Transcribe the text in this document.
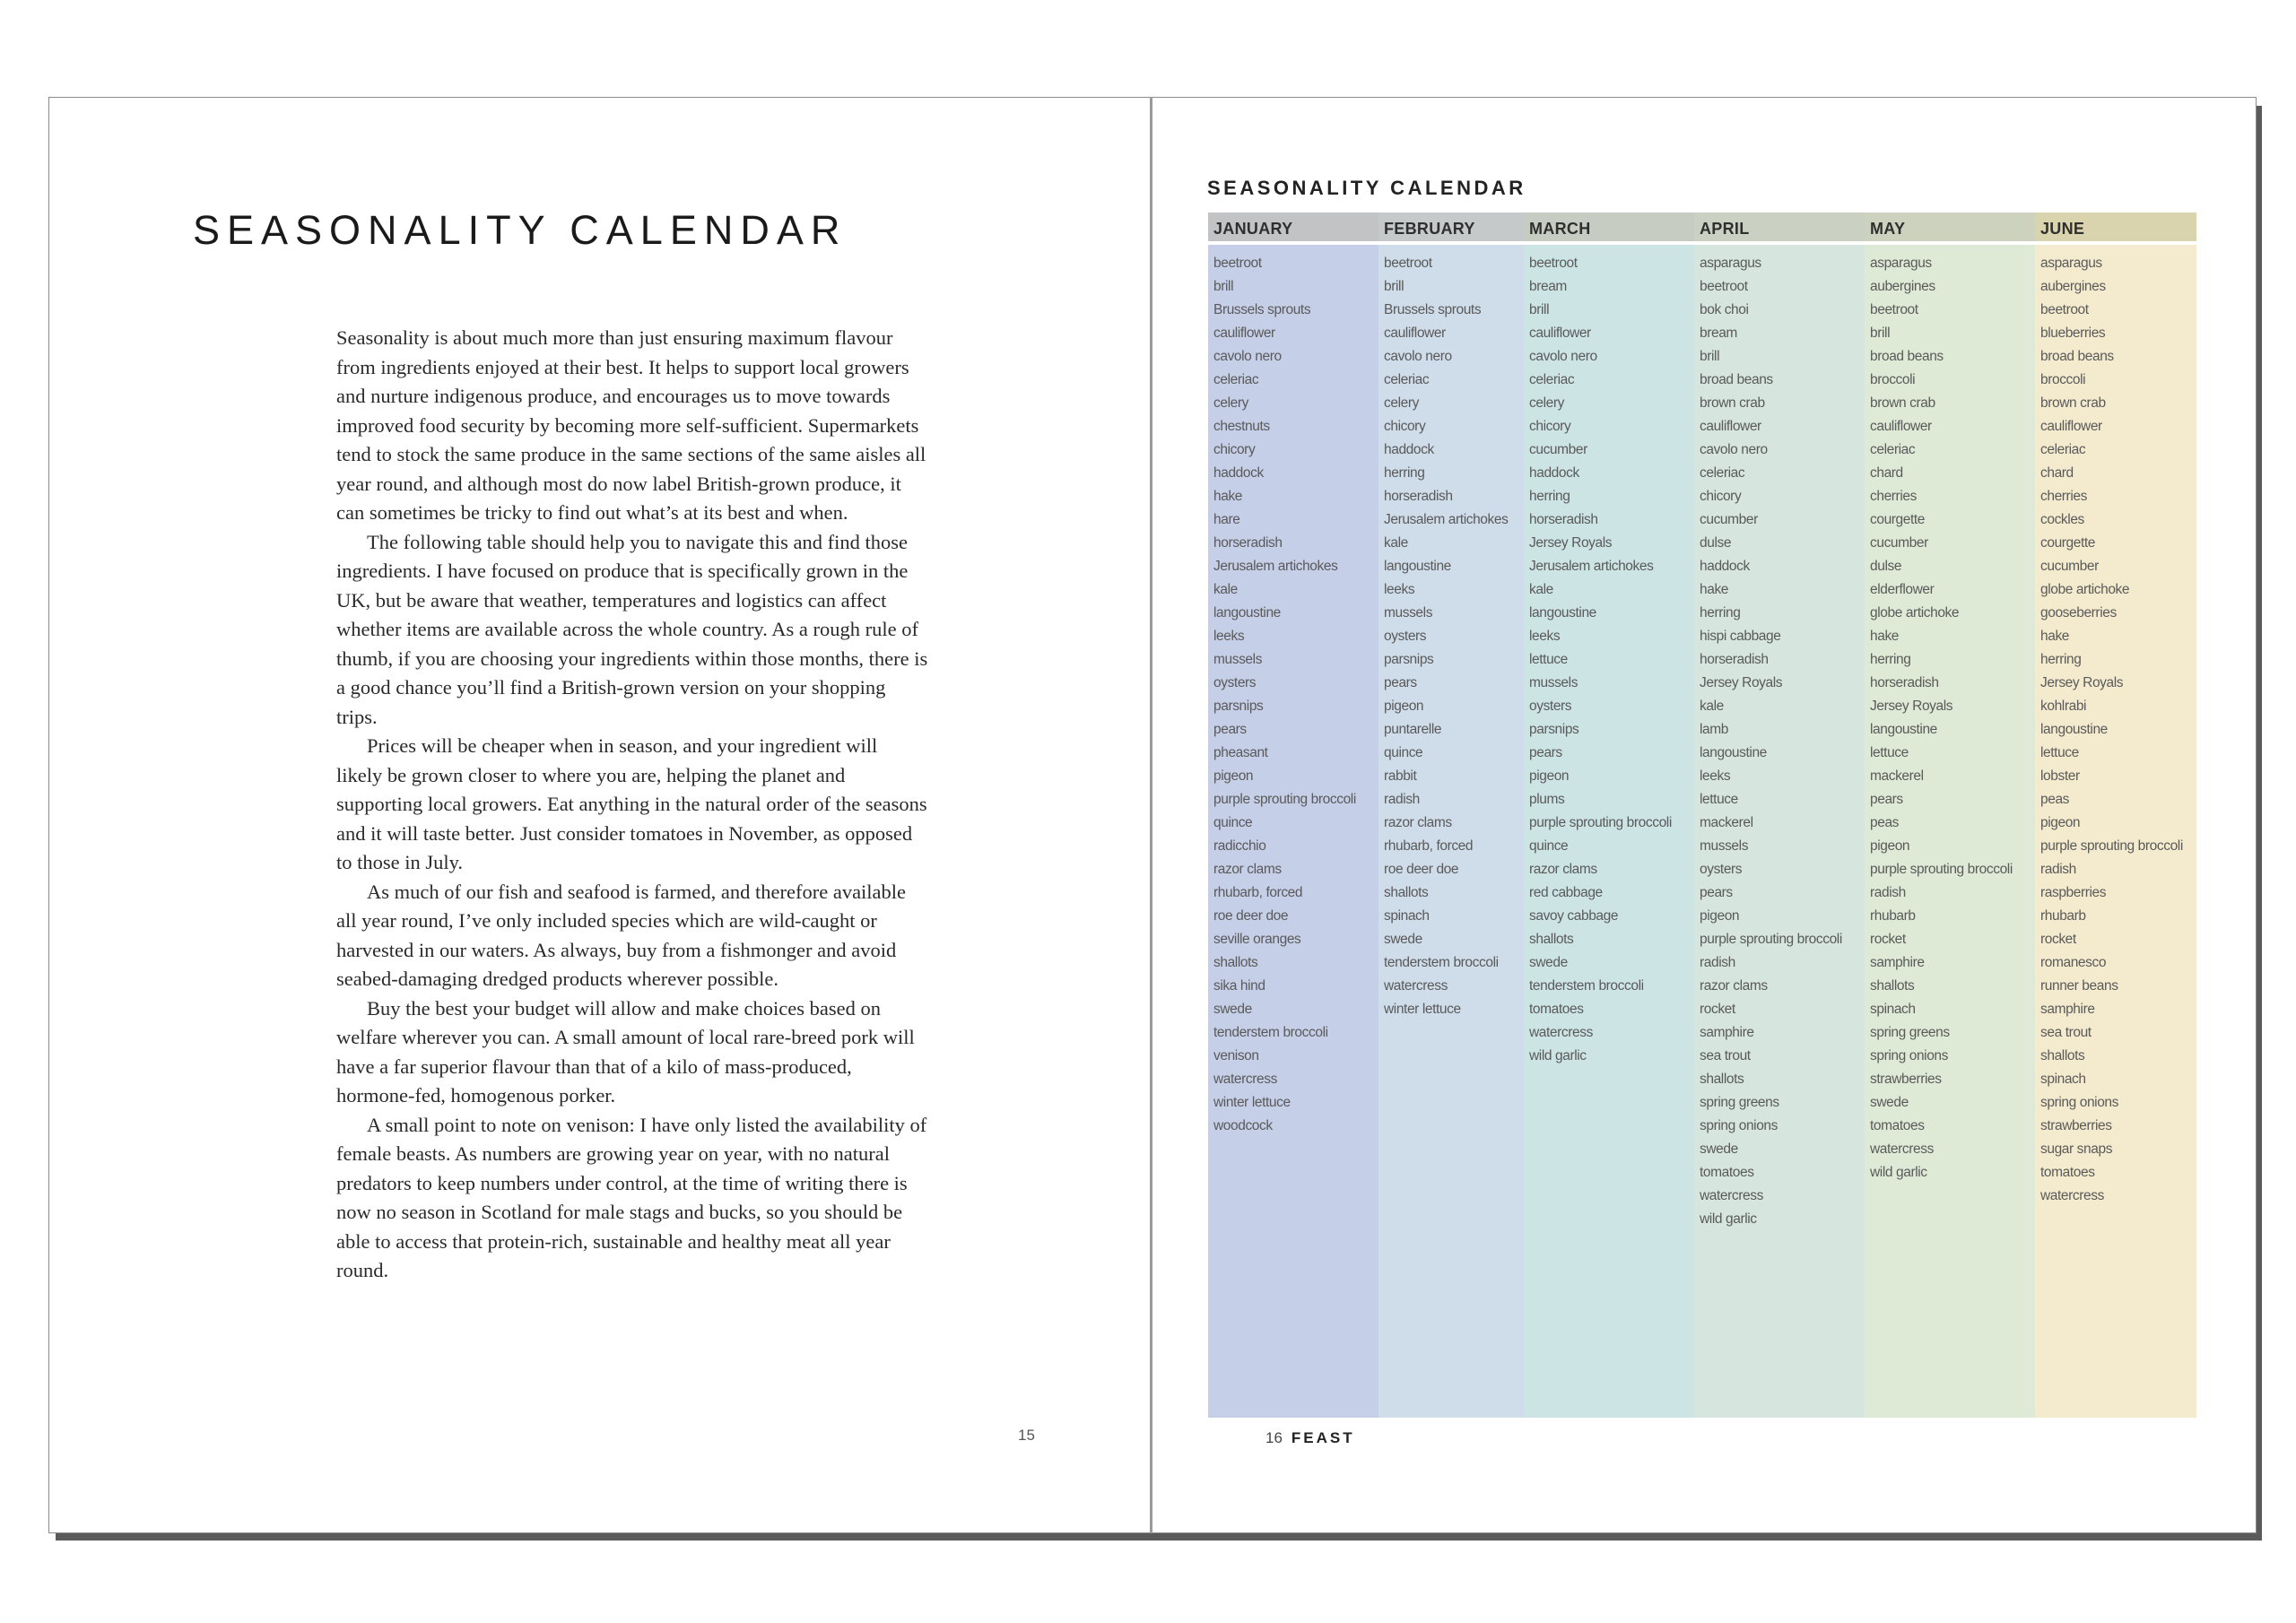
SEASONALITY CALENDAR

Seasonality is about much more than just ensuring maximum flavour from ingredients enjoyed at their best. It helps to support local growers and nurture indigenous produce, and encourages us to move towards improved food security by becoming more self-sufficient. Supermarkets tend to stock the same produce in the same sections of the same aisles all year round, and although most do now label British-grown produce, it can sometimes be tricky to find out what’s at its best and when.

The following table should help you to navigate this and find those ingredients. I have focused on produce that is specifically grown in the UK, but be aware that weather, temperatures and logistics can affect whether items are available across the whole country. As a rough rule of thumb, if you are choosing your ingredients within those months, there is a good chance you’ll find a British-grown version on your shopping trips.

Prices will be cheaper when in season, and your ingredient will likely be grown closer to where you are, helping the planet and supporting local growers. Eat anything in the natural order of the seasons and it will taste better. Just consider tomatoes in November, as opposed to those in July.

As much of our fish and seafood is farmed, and therefore available all year round, I’ve only included species which are wild-caught or harvested in our waters. As always, buy from a fishmonger and avoid seabed-damaging dredged products wherever possible.

Buy the best your budget will allow and make choices based on welfare wherever you can. A small amount of local rare-breed pork will have a far superior flavour than that of a kilo of mass-produced, hormone-fed, homogenous porker.

A small point to note on venison: I have only listed the availability of female beasts. As numbers are growing year on year, with no natural predators to keep numbers under control, at the time of writing there is now no season in Scotland for male stags and bucks, so you should be able to access that protein-rich, sustainable and healthy meat all year round.

15
SEASONALITY CALENDAR
JANUARY
beetroot
brill
Brussels sprouts
cauliflower
cavolo nero
celeriac
celery
chestnuts
chicory
haddock
hake
hare
horseradish
Jerusalem artichokes
kale
langoustine
leeks
mussels
oysters
parsnips
pears
pheasant
pigeon
purple sprouting broccoli
quince
radicchio
razor clams
rhubarb, forced
roe deer doe
seville oranges
shallots
sika hind
swede
tenderstem broccoli
venison
watercress
winter lettuce
woodcock
FEBRUARY
beetroot
brill
Brussels sprouts
cauliflower
cavolo nero
celeriac
celery
chicory
haddock
herring
horseradish
Jerusalem artichokes
kale
langoustine
leeks
mussels
oysters
parsnips
pears
pigeon
puntarelle
quince
rabbit
radish
razor clams
rhubarb, forced
roe deer doe
shallots
spinach
swede
tenderstem broccoli
watercress
winter lettuce
MARCH
beetroot
bream
brill
cauliflower
cavolo nero
celeriac
celery
chicory
cucumber
haddock
herring
horseradish
Jersey Royals
Jerusalem artichokes
kale
langoustine
leeks
lettuce
mussels
oysters
parsnips
pears
pigeon
plums
purple sprouting broccoli
quince
razor clams
red cabbage
savoy cabbage
shallots
swede
tenderstem broccoli
tomatoes
watercress
wild garlic
APRIL
asparagus
beetroot
bok choi
bream
brill
broad beans
brown crab
cauliflower
cavolo nero
celeriac
chicory
cucumber
dulse
haddock
hake
herring
hispi cabbage
horseradish
Jersey Royals
kale
lamb
langoustine
leeks
lettuce
mackerel
mussels
oysters
pears
pigeon
purple sprouting broccoli
radish
razor clams
rocket
samphire
sea trout
shallots
spring greens
spring onions
swede
tomatoes
watercress
wild garlic
MAY
asparagus
aubergines
beetroot
brill
broad beans
broccoli
brown crab
cauliflower
celeriac
chard
cherries
courgette
cucumber
dulse
elderflower
globe artichoke
hake
herring
horseradish
Jersey Royals
langoustine
lettuce
mackerel
pears
peas
pigeon
purple sprouting broccoli
radish
rhubarb
rocket
samphire
shallots
spinach
spring greens
spring onions
strawberries
swede
tomatoes
watercress
wild garlic
JUNE
asparagus
aubergines
beetroot
blueberries
broad beans
broccoli
brown crab
cauliflower
celeriac
chard
cherries
cockles
courgette
cucumber
globe artichoke
gooseberries
hake
herring
Jersey Royals
kohlrabi
langoustine
lettuce
lobster
peas
pigeon
purple sprouting broccoli
radish
raspberries
rhubarb
rocket
romanesco
runner beans
samphire
sea trout
shallots
spinach
spring onions
strawberries
sugar snaps
tomatoes
watercress
16 FEAST
